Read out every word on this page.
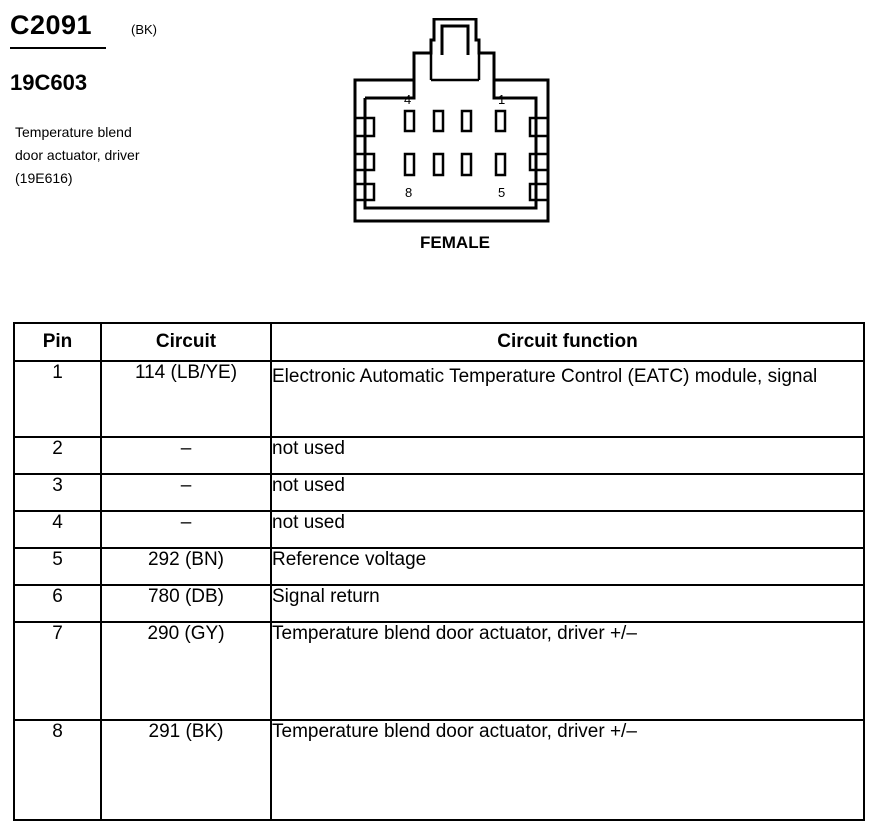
C2091	(BK)
19C603
Temperature blend
door actuator, driver
(19E616)
4	1
8	5
FEMALE
Pin	Circuit	Circuit function
1	114 (LB/YE)	Electronic Automatic Temperature Control (EATC) module, signal
2	–	not used
3	–	not used
4	–	not used
5	292 (BN)	Reference voltage
6	780 (DB)	Signal return
7	290 (GY)	Temperature blend door actuator, driver +/–
8	291 (BK)	Temperature blend door actuator, driver +/–
